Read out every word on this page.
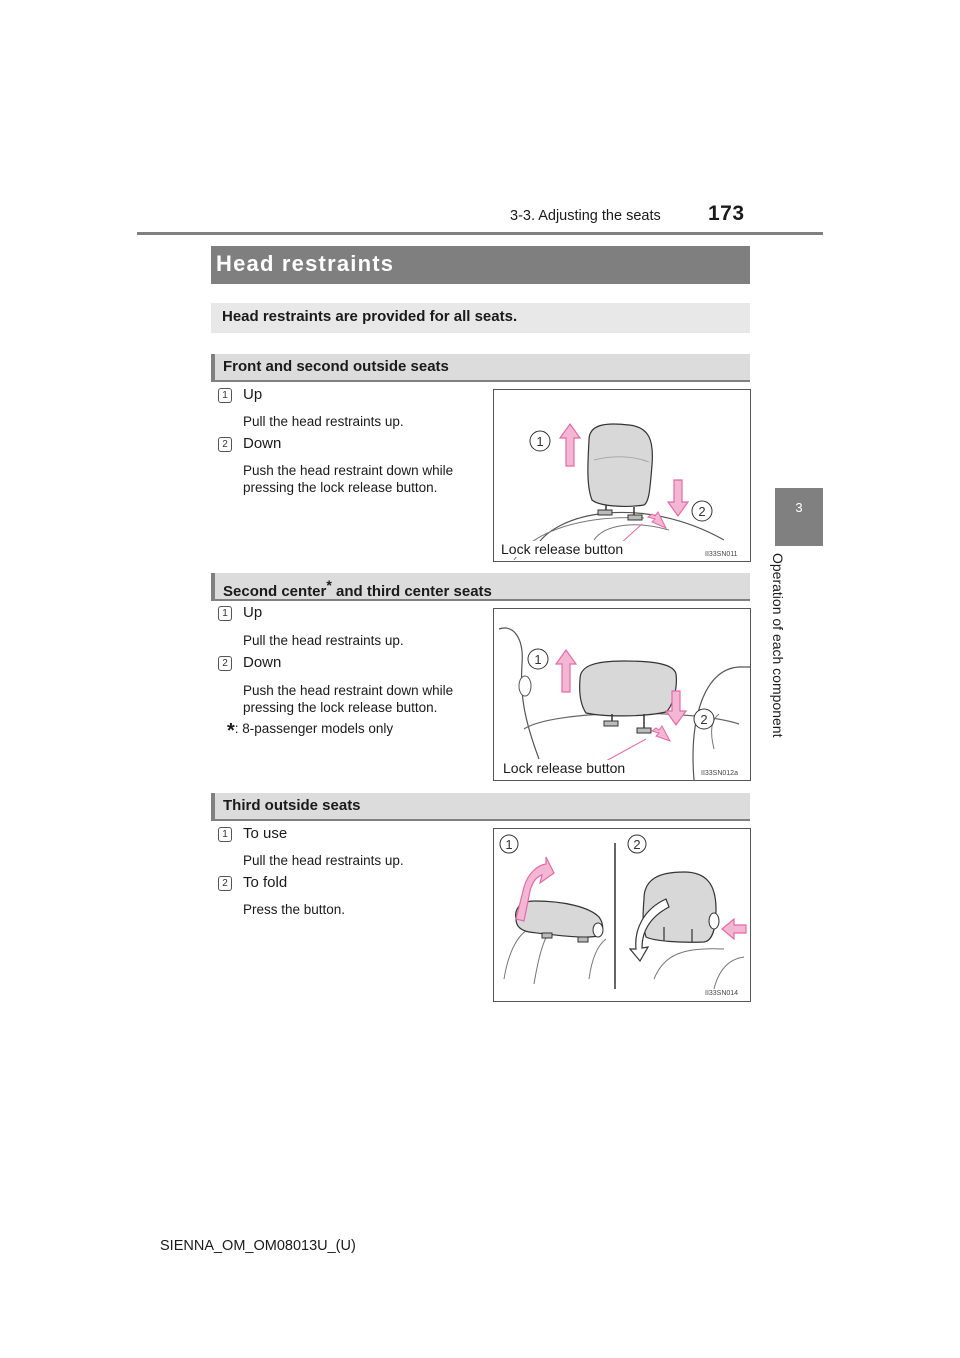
3-3. Adjusting the seats 173
3
Operation of each component
Head restraints
Head restraints are provided for all seats.
Front and second outside seats
1 Up
Pull the head restraints up.
2 Down
Push the head restraint down while pressing the lock release button.
1
2
Lock release button	II33SN011
Second center* and third center seats
1 Up
Pull the head restraints up.
2 Down
Push the head restraint down while pressing the lock release button.
*: 8-passenger models only
1
2
Lock release button	II33SN012a
Third outside seats
1 To use
Pull the head restraints up.
2 To fold
Press the button.
1	2
II33SN014
SIENNA_OM_OM08013U_(U)
